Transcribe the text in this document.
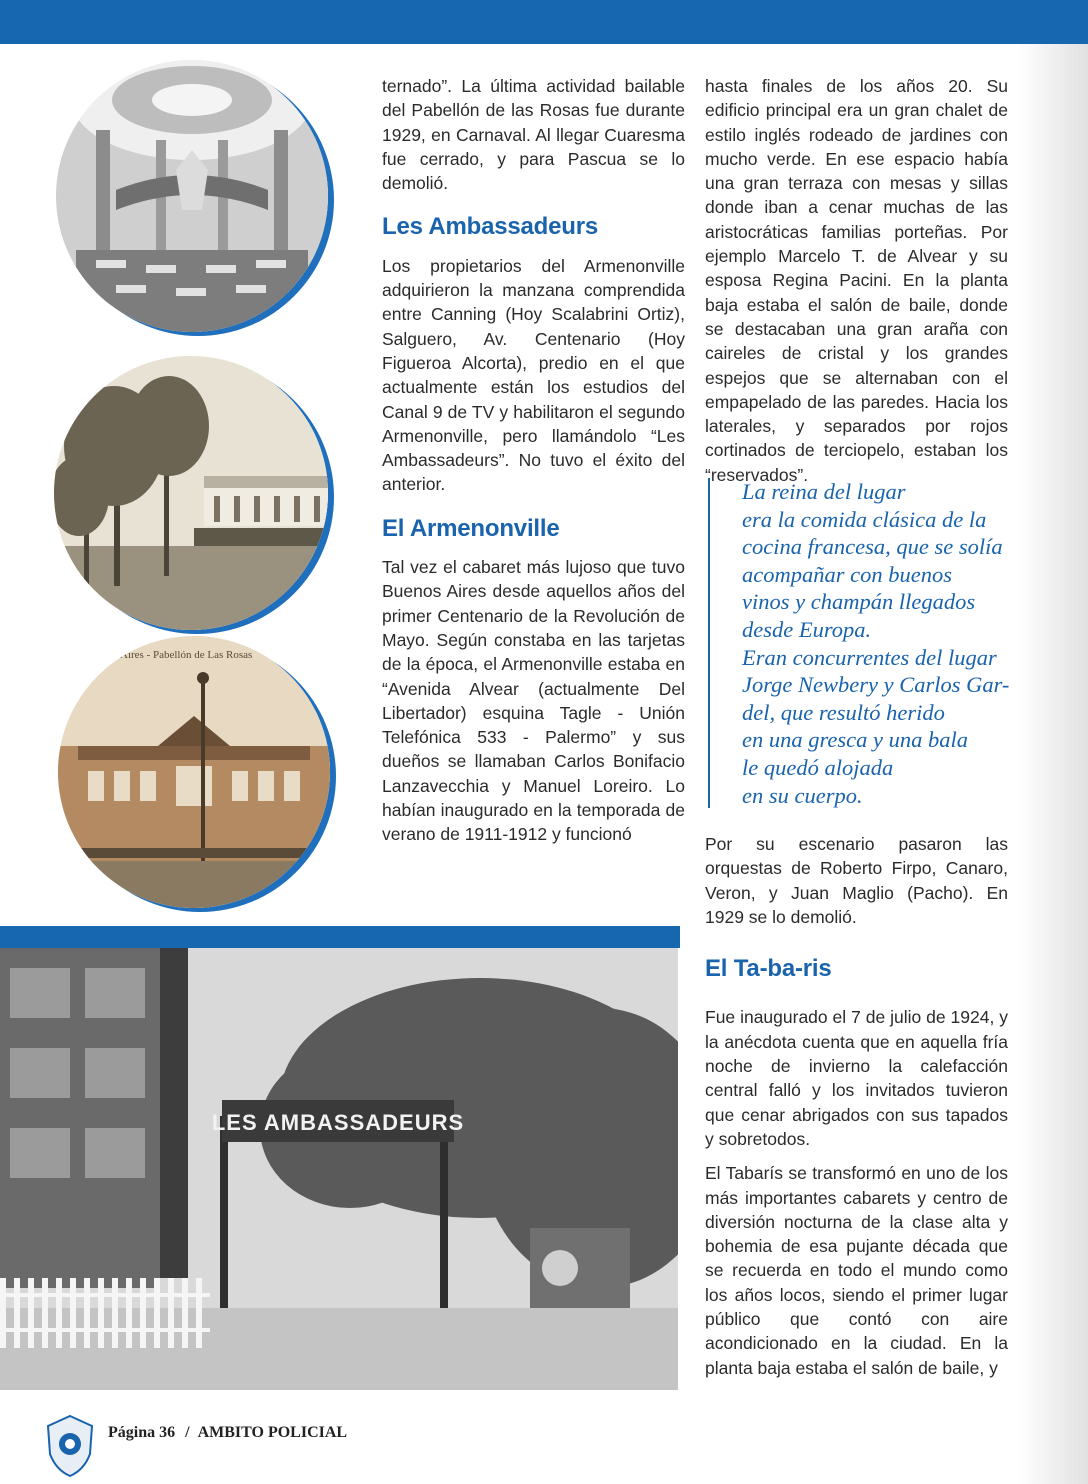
Aires - Pabellón de Las Rosas

ternado”. La última actividad bailable del Pabellón de las Rosas fue durante 1929, en Carnaval. Al llegar Cuaresma fue cerrado, y para Pascua se lo demolió.

Les Ambassadeurs

Los propietarios del Armenonville adquirieron la manzana comprendida entre Canning (Hoy Scalabrini Ortiz), Salguero, Av. Centenario (Hoy Figueroa Alcorta), predio en el que actualmente están los estudios del Canal 9 de TV y habilitaron el segundo Armenonville, pero llamándolo “Les Ambassadeurs”. No tuvo el éxito del anterior.

El Armenonville

Tal vez el cabaret más lujoso que tuvo Buenos Aires desde aquellos años del primer Centenario de la Revolución de Mayo. Según constaba en las tarjetas de la época, el Armenonville estaba en “Avenida Alvear (actualmente Del Libertador) esquina Tagle - Unión Telefónica 533 - Palermo” y sus dueños se llamaban Carlos Bonifacio Lanzavecchia y Manuel Loreiro. Lo habían inaugurado en la temporada de verano de 1911-1912 y funcionó

hasta finales de los años 20. Su edificio principal era un gran chalet de estilo inglés rodeado de jardines con mucho verde. En ese espacio había una gran terraza con mesas y sillas donde iban a cenar muchas de las aristocráticas familias porteñas. Por ejemplo Marcelo T. de Alvear y su esposa Regina Pacini. En la planta baja estaba el salón de baile, donde se destacaban una gran araña con caireles de cristal y los grandes espejos que se alternaban con el empapelado de las paredes. Hacia los laterales, y separados por rojos cortinados de terciopelo, estaban los “reservados”.

La reina del lugar
era la comida clásica de la
cocina francesa, que se solía
acompañar con buenos
vinos y champán llegados
desde Europa.
Eran concurrentes del lugar
Jorge Newbery y Carlos Gar-
del, que resultó herido
en una gresca y una bala
le quedó alojada
en su cuerpo.

Por su escenario pasaron las orquestas de Roberto Firpo, Canaro, Veron, y Juan Maglio (Pacho). En 1929 se lo demolió.

El Ta-ba-ris

Fue inaugurado el 7 de julio de 1924, y la anécdota cuenta que en aquella fría noche de invierno la calefacción central falló y los invitados tuvieron que cenar abrigados con sus tapados y sobretodos.

El Tabarís se transformó en uno de los más importantes cabarets y centro de diversión nocturna de la clase alta y bohemia de esa pujante década que se recuerda en todo el mundo como los años locos, siendo el primer lugar público que contó con aire acondicionado en la ciudad. En la planta baja estaba el salón de baile, y

LES AMBASSADEURS
Página 36 / AMBITO POLICIAL
